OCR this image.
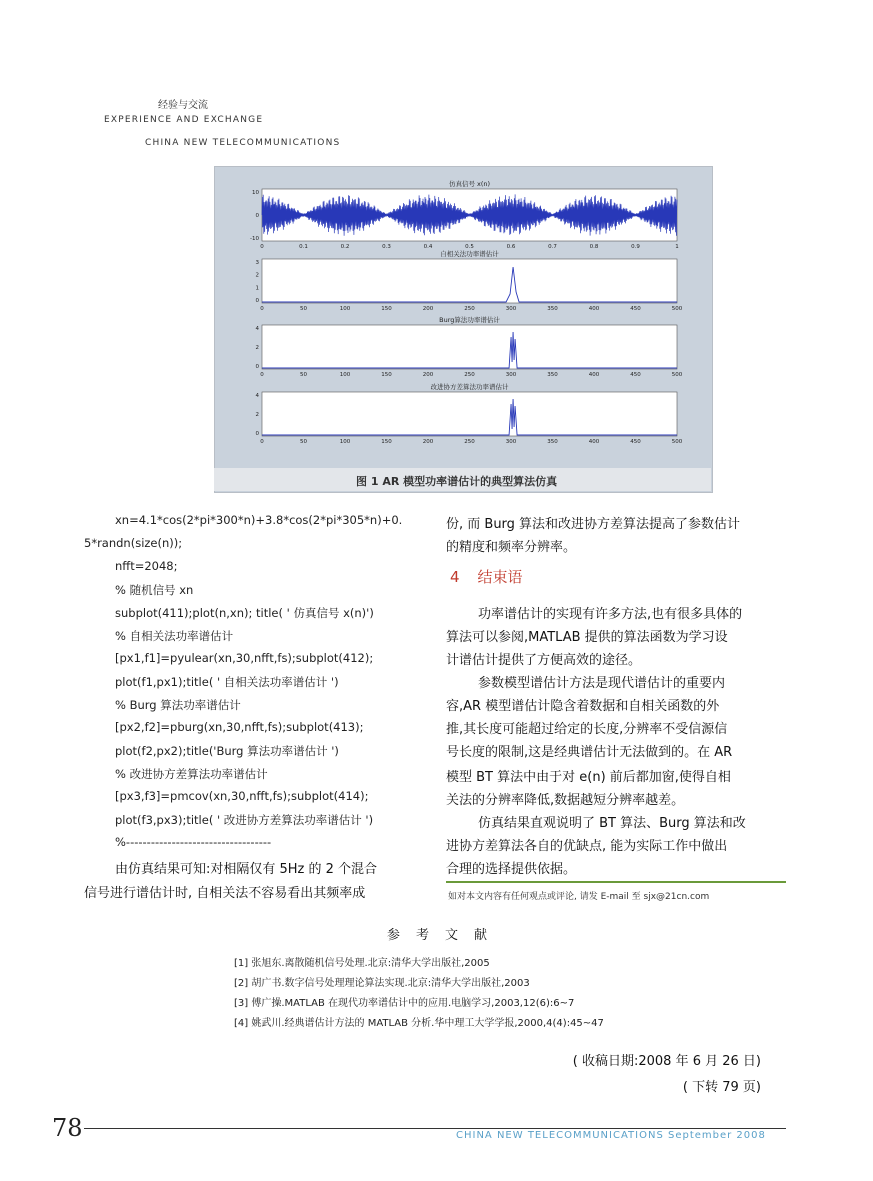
经验与交流
EXPERIENCE AND EXCHANGE
CHINA NEW TELECOMMUNICATIONS
仿真信号 x(n)
10
0
-10
0	0.1	0.2	0.3	0.4	0.5	0.6	0.7	0.8	0.9	1
自相关法功率谱估计
3
2
1
0
0	50	100	150	200	250	300	350	400	450	500
Burg算法功率谱估计
4
2
0
0	50	100	150	200	250	300	350	400	450	500
改进协方差算法功率谱估计
4
2
0
0	50	100	150	200	250	300	350	400	450	500
图 1 AR 模型功率谱估计的典型算法仿真
xn=4.1*cos(2*pi*300*n)+3.8*cos(2*pi*305*n)+0.
5*randn(size(n));
nfft=2048;
% 随机信号 xn
subplot(411);plot(n,xn); title( ' 仿真信号 x(n)')
% 自相关法功率谱估计
[px1,f1]=pyulear(xn,30,nfft,fs);subplot(412);
plot(f1,px1);title( ' 自相关法功率谱估计 ')
% Burg 算法功率谱估计
[px2,f2]=pburg(xn,30,nfft,fs);subplot(413);
plot(f2,px2);title('Burg 算法功率谱估计 ')
% 改进协方差算法功率谱估计
[px3,f3]=pmcov(xn,30,nfft,fs);subplot(414);
plot(f3,px3);title( ' 改进协方差算法功率谱估计 ')
%-----------------------------------
由仿真结果可知:对相隔仅有 5Hz 的 2 个混合
信号进行谱估计时, 自相关法不容易看出其频率成
份, 而 Burg 算法和改进协方差算法提高了参数估计
的精度和频率分辨率。
4 结束语
功率谱估计的实现有许多方法,也有很多具体的
算法可以参阅,MATLAB 提供的算法函数为学习设
计谱估计提供了方便高效的途径。
参数模型谱估计方法是现代谱估计的重要内
容,AR 模型谱估计隐含着数据和自相关函数的外
推,其长度可能超过给定的长度,分辨率不受信源信
号长度的限制,这是经典谱估计无法做到的。在 AR
模型 BT 算法中由于对 e(n) 前后都加窗,使得自相
关法的分辨率降低,数据越短分辨率越差。
仿真结果直观说明了 BT 算法、Burg 算法和改
进协方差算法各自的优缺点, 能为实际工作中做出
合理的选择提供依据。
如对本文内容有任何观点或评论, 请发 E-mail 至 sjx@21cn.com
参考文献
[1] 张旭东.离散随机信号处理.北京:清华大学出版社,2005
[2] 胡广书.数字信号处理理论算法实现.北京:清华大学出版社,2003
[3] 傅广操.MATLAB 在现代功率谱估计中的应用.电脑学习,2003,12(6):6~7
[4] 姚武川.经典谱估计方法的 MATLAB 分析.华中理工大学学报,2000,4(4):45~47
( 收稿日期:2008 年 6 月 26 日)
( 下转 79 页)
78	CHINA NEW TELECOMMUNICATIONS September 2008
